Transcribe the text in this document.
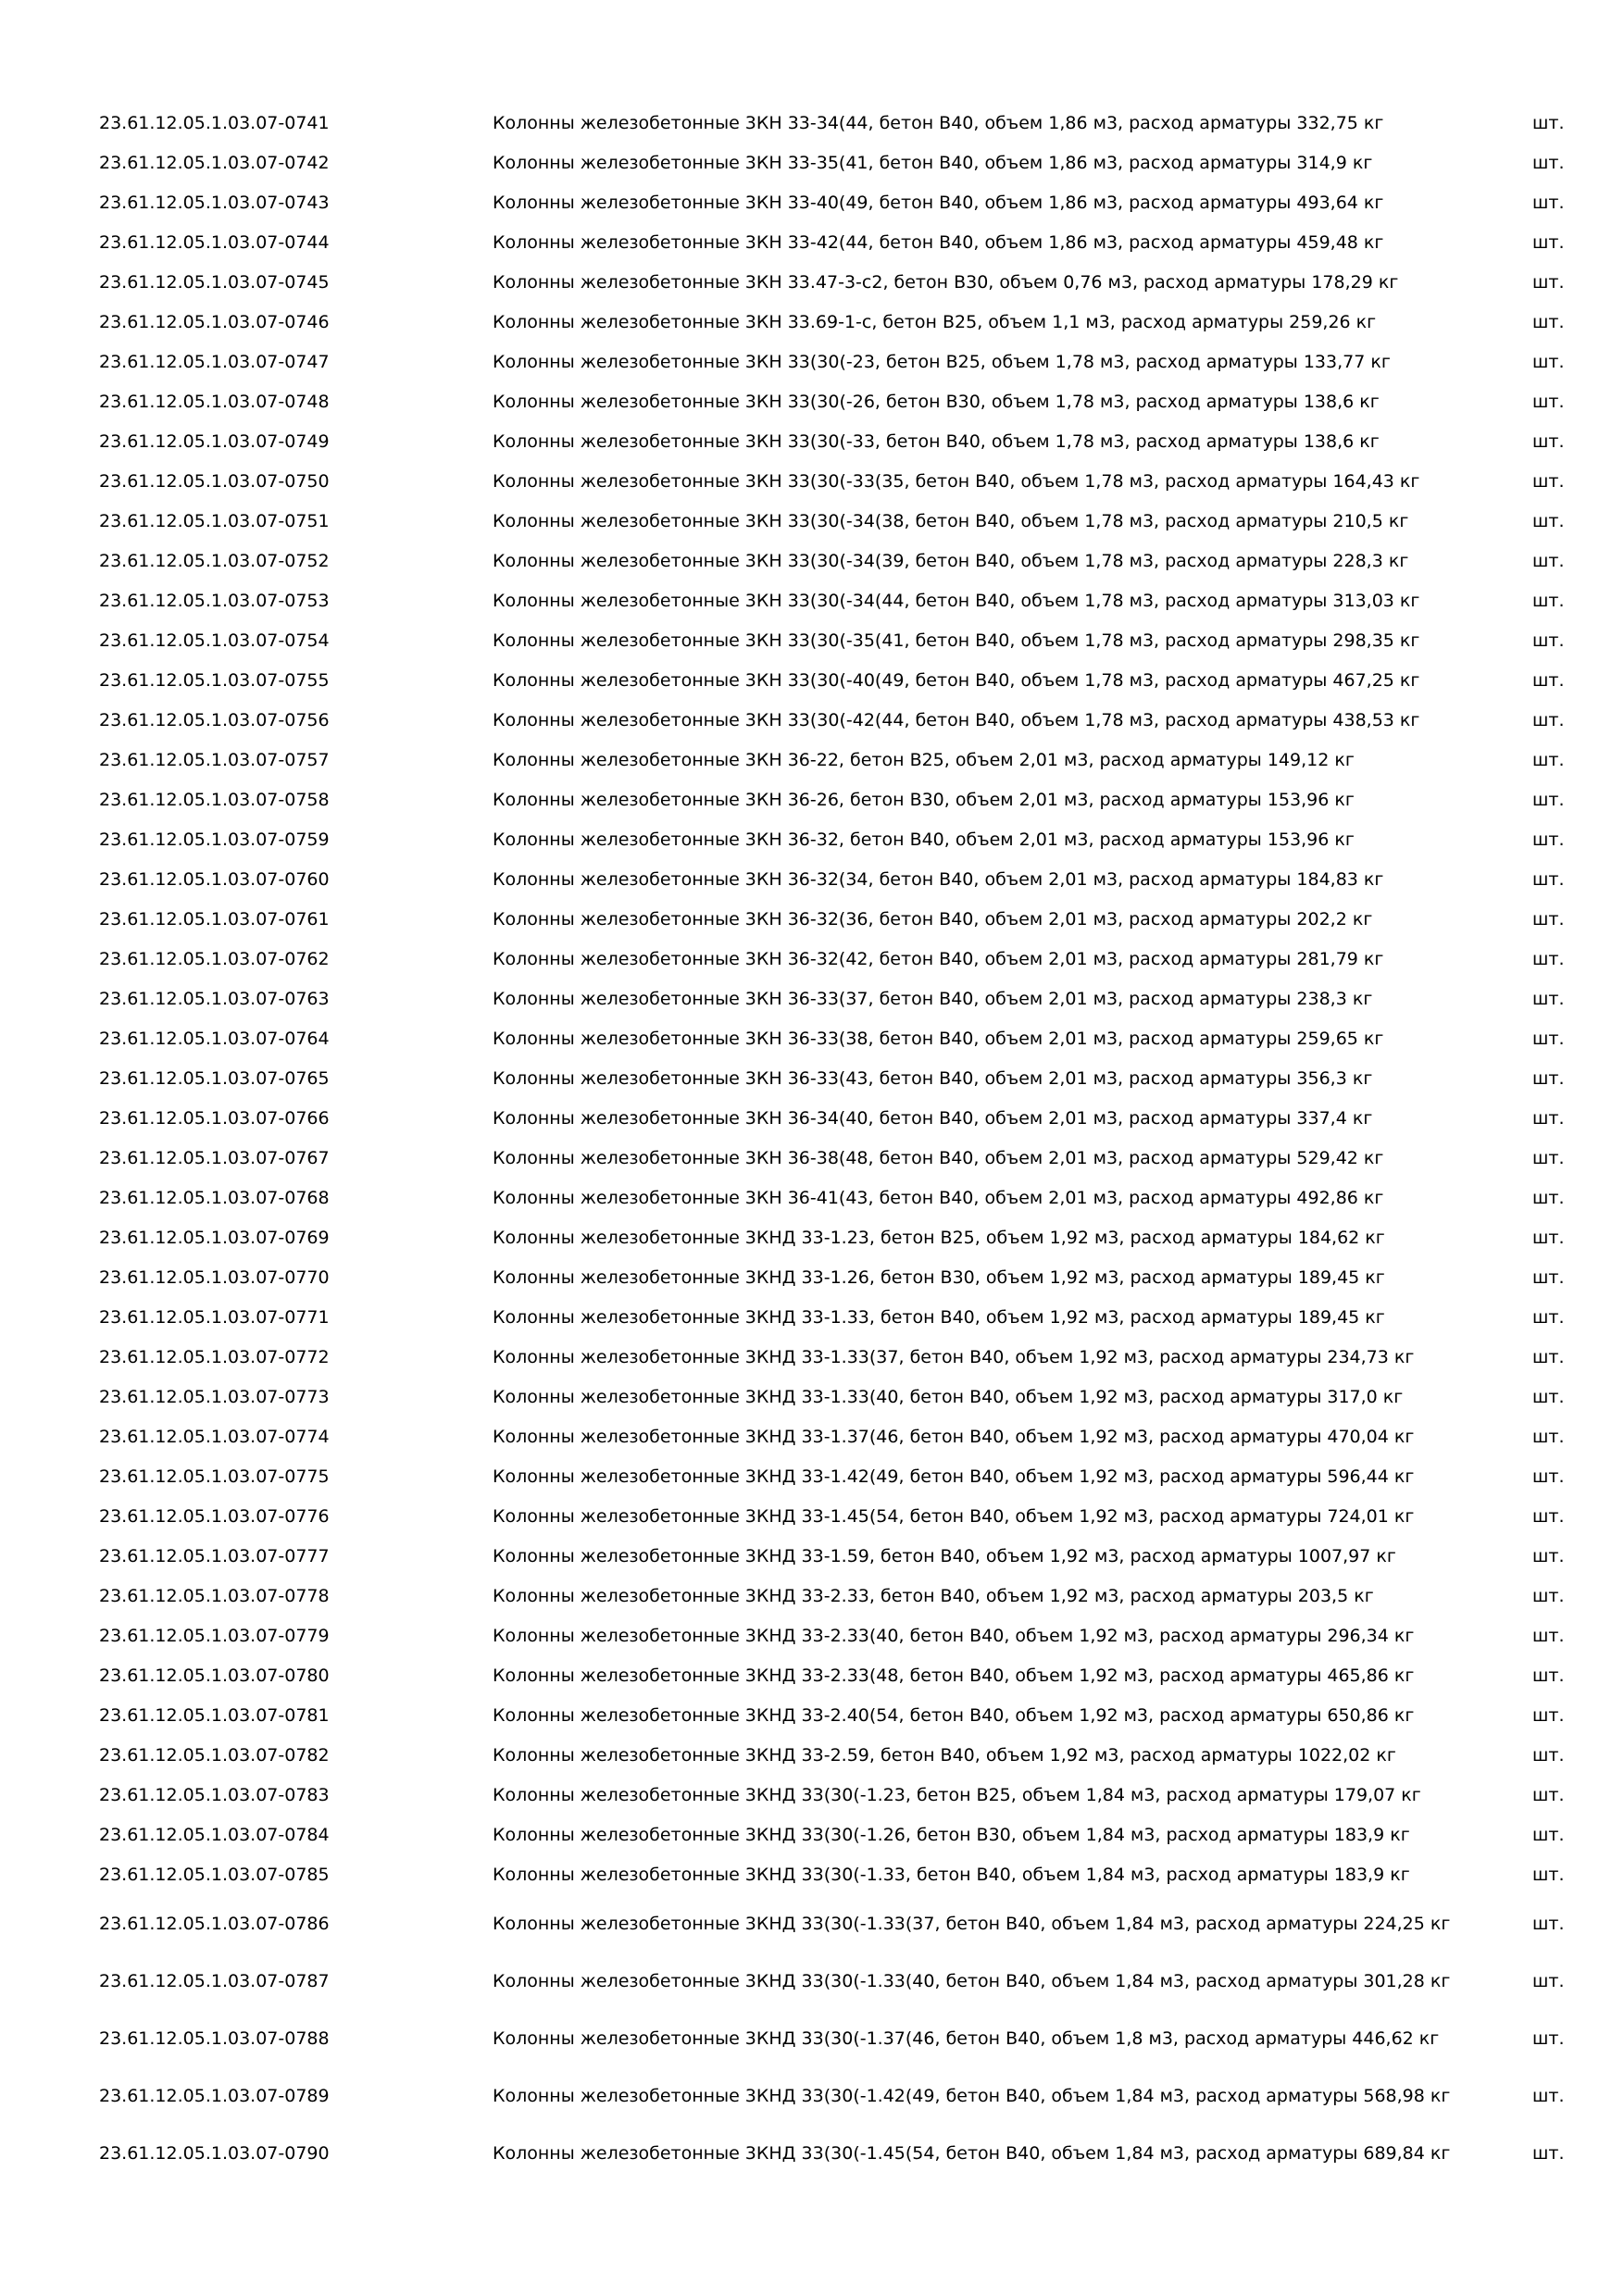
23.61.12.05.1.03.07-0741	Колонны железобетонные 3КН 33-34(44, бетон В40, объем 1,86 м3, расход арматуры 332,75 кг	шт.
23.61.12.05.1.03.07-0742	Колонны железобетонные 3КН 33-35(41, бетон В40, объем 1,86 м3, расход арматуры 314,9 кг	шт.
23.61.12.05.1.03.07-0743	Колонны железобетонные 3КН 33-40(49, бетон В40, объем 1,86 м3, расход арматуры 493,64 кг	шт.
23.61.12.05.1.03.07-0744	Колонны железобетонные 3КН 33-42(44, бетон В40, объем 1,86 м3, расход арматуры 459,48 кг	шт.
23.61.12.05.1.03.07-0745	Колонны железобетонные 3КН 33.47-3-с2, бетон В30, объем 0,76 м3, расход арматуры 178,29 кг	шт.
23.61.12.05.1.03.07-0746	Колонны железобетонные 3КН 33.69-1-с, бетон В25, объем 1,1 м3, расход арматуры 259,26 кг	шт.
23.61.12.05.1.03.07-0747	Колонны железобетонные 3КН 33(30(-23, бетон В25, объем 1,78 м3, расход арматуры 133,77 кг	шт.
23.61.12.05.1.03.07-0748	Колонны железобетонные 3КН 33(30(-26, бетон В30, объем 1,78 м3, расход арматуры 138,6 кг	шт.
23.61.12.05.1.03.07-0749	Колонны железобетонные 3КН 33(30(-33, бетон В40, объем 1,78 м3, расход арматуры 138,6 кг	шт.
23.61.12.05.1.03.07-0750	Колонны железобетонные 3КН 33(30(-33(35, бетон В40, объем 1,78 м3, расход арматуры 164,43 кг	шт.
23.61.12.05.1.03.07-0751	Колонны железобетонные 3КН 33(30(-34(38, бетон В40, объем 1,78 м3, расход арматуры 210,5 кг	шт.
23.61.12.05.1.03.07-0752	Колонны железобетонные 3КН 33(30(-34(39, бетон В40, объем 1,78 м3, расход арматуры 228,3 кг	шт.
23.61.12.05.1.03.07-0753	Колонны железобетонные 3КН 33(30(-34(44, бетон В40, объем 1,78 м3, расход арматуры 313,03 кг	шт.
23.61.12.05.1.03.07-0754	Колонны железобетонные 3КН 33(30(-35(41, бетон В40, объем 1,78 м3, расход арматуры 298,35 кг	шт.
23.61.12.05.1.03.07-0755	Колонны железобетонные 3КН 33(30(-40(49, бетон В40, объем 1,78 м3, расход арматуры 467,25 кг	шт.
23.61.12.05.1.03.07-0756	Колонны железобетонные 3КН 33(30(-42(44, бетон В40, объем 1,78 м3, расход арматуры 438,53 кг	шт.
23.61.12.05.1.03.07-0757	Колонны железобетонные 3КН 36-22, бетон В25, объем 2,01 м3, расход арматуры 149,12 кг	шт.
23.61.12.05.1.03.07-0758	Колонны железобетонные 3КН 36-26, бетон В30, объем 2,01 м3, расход арматуры 153,96 кг	шт.
23.61.12.05.1.03.07-0759	Колонны железобетонные 3КН 36-32, бетон В40, объем 2,01 м3, расход арматуры 153,96 кг	шт.
23.61.12.05.1.03.07-0760	Колонны железобетонные 3КН 36-32(34, бетон В40, объем 2,01 м3, расход арматуры 184,83 кг	шт.
23.61.12.05.1.03.07-0761	Колонны железобетонные 3КН 36-32(36, бетон В40, объем 2,01 м3, расход арматуры 202,2 кг	шт.
23.61.12.05.1.03.07-0762	Колонны железобетонные 3КН 36-32(42, бетон В40, объем 2,01 м3, расход арматуры 281,79 кг	шт.
23.61.12.05.1.03.07-0763	Колонны железобетонные 3КН 36-33(37, бетон В40, объем 2,01 м3, расход арматуры 238,3 кг	шт.
23.61.12.05.1.03.07-0764	Колонны железобетонные 3КН 36-33(38, бетон В40, объем 2,01 м3, расход арматуры 259,65 кг	шт.
23.61.12.05.1.03.07-0765	Колонны железобетонные 3КН 36-33(43, бетон В40, объем 2,01 м3, расход арматуры 356,3 кг	шт.
23.61.12.05.1.03.07-0766	Колонны железобетонные 3КН 36-34(40, бетон В40, объем 2,01 м3, расход арматуры 337,4 кг	шт.
23.61.12.05.1.03.07-0767	Колонны железобетонные 3КН 36-38(48, бетон В40, объем 2,01 м3, расход арматуры 529,42 кг	шт.
23.61.12.05.1.03.07-0768	Колонны железобетонные 3КН 36-41(43, бетон В40, объем 2,01 м3, расход арматуры 492,86 кг	шт.
23.61.12.05.1.03.07-0769	Колонны железобетонные 3КНД 33-1.23, бетон В25, объем 1,92 м3, расход арматуры 184,62 кг	шт.
23.61.12.05.1.03.07-0770	Колонны железобетонные 3КНД 33-1.26, бетон В30, объем 1,92 м3, расход арматуры 189,45 кг	шт.
23.61.12.05.1.03.07-0771	Колонны железобетонные 3КНД 33-1.33, бетон В40, объем 1,92 м3, расход арматуры 189,45 кг	шт.
23.61.12.05.1.03.07-0772	Колонны железобетонные 3КНД 33-1.33(37, бетон В40, объем 1,92 м3, расход арматуры 234,73 кг	шт.
23.61.12.05.1.03.07-0773	Колонны железобетонные 3КНД 33-1.33(40, бетон В40, объем 1,92 м3, расход арматуры 317,0 кг	шт.
23.61.12.05.1.03.07-0774	Колонны железобетонные 3КНД 33-1.37(46, бетон В40, объем 1,92 м3, расход арматуры 470,04 кг	шт.
23.61.12.05.1.03.07-0775	Колонны железобетонные 3КНД 33-1.42(49, бетон В40, объем 1,92 м3, расход арматуры 596,44 кг	шт.
23.61.12.05.1.03.07-0776	Колонны железобетонные 3КНД 33-1.45(54, бетон В40, объем 1,92 м3, расход арматуры 724,01 кг	шт.
23.61.12.05.1.03.07-0777	Колонны железобетонные 3КНД 33-1.59, бетон В40, объем 1,92 м3, расход арматуры 1007,97 кг	шт.
23.61.12.05.1.03.07-0778	Колонны железобетонные 3КНД 33-2.33, бетон В40, объем 1,92 м3, расход арматуры 203,5 кг	шт.
23.61.12.05.1.03.07-0779	Колонны железобетонные 3КНД 33-2.33(40, бетон В40, объем 1,92 м3, расход арматуры 296,34 кг	шт.
23.61.12.05.1.03.07-0780	Колонны железобетонные 3КНД 33-2.33(48, бетон В40, объем 1,92 м3, расход арматуры 465,86 кг	шт.
23.61.12.05.1.03.07-0781	Колонны железобетонные 3КНД 33-2.40(54, бетон В40, объем 1,92 м3, расход арматуры 650,86 кг	шт.
23.61.12.05.1.03.07-0782	Колонны железобетонные 3КНД 33-2.59, бетон В40, объем 1,92 м3, расход арматуры 1022,02 кг	шт.
23.61.12.05.1.03.07-0783	Колонны железобетонные 3КНД 33(30(-1.23, бетон В25, объем 1,84 м3, расход арматуры 179,07 кг	шт.
23.61.12.05.1.03.07-0784	Колонны железобетонные 3КНД 33(30(-1.26, бетон В30, объем 1,84 м3, расход арматуры 183,9 кг	шт.
23.61.12.05.1.03.07-0785	Колонны железобетонные 3КНД 33(30(-1.33, бетон В40, объем 1,84 м3, расход арматуры 183,9 кг	шт.
23.61.12.05.1.03.07-0786	Колонны железобетонные 3КНД 33(30(-1.33(37, бетон В40, объем 1,84 м3, расход арматуры 224,25 кг	шт.
23.61.12.05.1.03.07-0787	Колонны железобетонные 3КНД 33(30(-1.33(40, бетон В40, объем 1,84 м3, расход арматуры 301,28 кг	шт.
23.61.12.05.1.03.07-0788	Колонны железобетонные 3КНД 33(30(-1.37(46, бетон В40, объем 1,8 м3, расход арматуры 446,62 кг	шт.
23.61.12.05.1.03.07-0789	Колонны железобетонные 3КНД 33(30(-1.42(49, бетон В40, объем 1,84 м3, расход арматуры 568,98 кг	шт.
23.61.12.05.1.03.07-0790	Колонны железобетонные 3КНД 33(30(-1.45(54, бетон В40, объем 1,84 м3, расход арматуры 689,84 кг	шт.
